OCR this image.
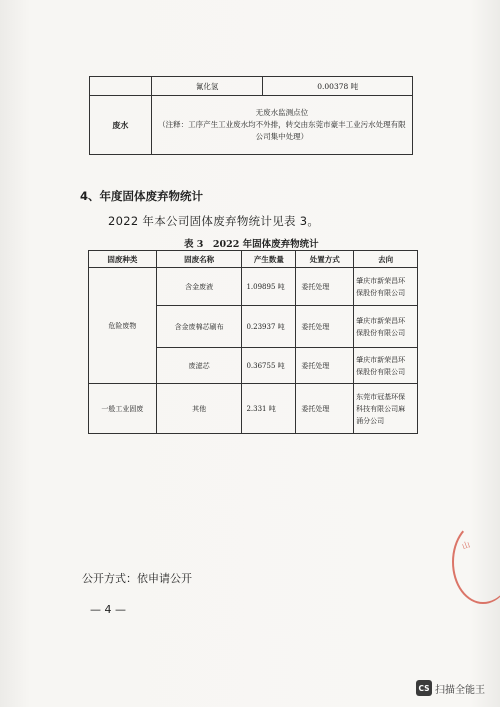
	氰化氢	0.00378 吨
废水	无废水监测点位
（注释：工序产生工业废水均不外排，转交由东莞市豪丰工业污水处理有限
公司集中处理）	
4、年度固体废弃物统计
2022 年本公司固体废弃物统计见表 3。
表 3　2022 年固体废弃物统计
固废种类	固废名称	产生数量	处置方式	去向
危险废物	含金废液	1.09895 吨	委托处理	肇庆市新荣昌环
保股份有限公司

	含金废棉芯刷布	0.23937 吨	委托处理	肇庆市新荣昌环
保股份有限公司

	废滤芯	0.36755 吨	委托处理	肇庆市新荣昌环
保股份有限公司

一般工业固废	其他	2.331 吨	委托处理	东莞市冠基环保
科技有限公司麻
涌分公司
山
公开方式：依申请公开
— 4 —
CS 扫描全能王
